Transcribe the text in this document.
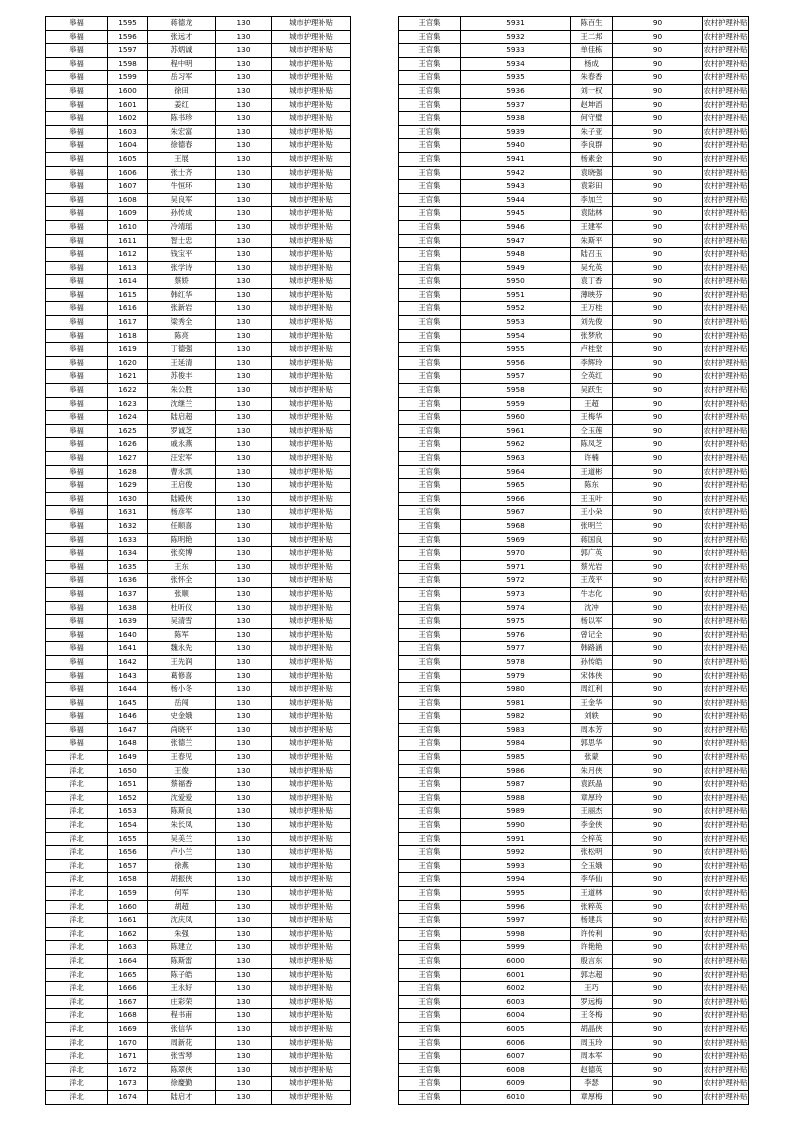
皋福	1595	蒋德龙	130	城市护理补贴
皋福	1596	张远才	130	城市护理补贴
皋福	1597	苏炳诚	130	城市护理补贴
皋福	1598	程中明	130	城市护理补贴
皋福	1599	岳习军	130	城市护理补贴
皋福	1600	徐田	130	城市护理补贴
皋福	1601	姜红	130	城市护理补贴
皋福	1602	陈书珍	130	城市护理补贴
皋福	1603	朱宏富	130	城市护理补贴
皋福	1604	徐德春	130	城市护理补贴
皋福	1605	王展	130	城市护理补贴
皋福	1606	张士齐	130	城市护理补贴
皋福	1607	牛恒环	130	城市护理补贴
皋福	1608	吴良军	130	城市护理补贴
皋福	1609	孙传成	130	城市护理补贴
皋福	1610	冷靖瑶	130	城市护理补贴
皋福	1611	智士忠	130	城市护理补贴
皋福	1612	钱宝平	130	城市护理补贴
皋福	1613	张学诗	130	城市护理补贴
皋福	1614	蔡娇	130	城市护理补贴
皋福	1615	韩红华	130	城市护理补贴
皋福	1616	张新岩	130	城市护理补贴
皋福	1617	梁秀全	130	城市护理补贴
皋福	1618	陈亮	130	城市护理补贴
皋福	1619	丁德强	130	城市护理补贴
皋福	1620	王延清	130	城市护理补贴
皋福	1621	苏俊丰	130	城市护理补贴
皋福	1622	朱公胜	130	城市护理补贴
皋福	1623	沈继兰	130	城市护理补贴
皋福	1624	陆启超	130	城市护理补贴
皋福	1625	罗诚芝	130	城市护理补贴
皋福	1626	戚永燕	130	城市护理补贴
皋福	1627	汪宏军	130	城市护理补贴
皋福	1628	曹永凯	130	城市护理补贴
皋福	1629	王启俊	130	城市护理补贴
皋福	1630	陆殿侠	130	城市护理补贴
皋福	1631	杨彦军	130	城市护理补贴
皋福	1632	任顺喜	130	城市护理补贴
皋福	1633	陈明艳	130	城市护理补贴
皋福	1634	张奕博	130	城市护理补贴
皋福	1635	王东	130	城市护理补贴
皋福	1636	张怀全	130	城市护理补贴
皋福	1637	张顺	130	城市护理补贴
皋福	1638	杜听仪	130	城市护理补贴
皋福	1639	吴清雪	130	城市护理补贴
皋福	1640	陈军	130	城市护理补贴
皋福	1641	魏永先	130	城市护理补贴
皋福	1642	王先润	130	城市护理补贴
皋福	1643	葛修喜	130	城市护理补贴
皋福	1644	杨小冬	130	城市护理补贴
皋福	1645	岳闯	130	城市护理补贴
皋福	1646	史金娥	130	城市护理补贴
皋福	1647	尚晓平	130	城市护理补贴
皋福	1648	张德兰	130	城市护理补贴
洋北	1649	王春见	130	城市护理补贴
洋北	1650	王俊	130	城市护理补贴
洋北	1651	蔡福香	130	城市护理补贴
洋北	1652	沈爱爱	130	城市护理补贴
洋北	1653	陈斯良	130	城市护理补贴
洋北	1654	朱长凤	130	城市护理补贴
洋北	1655	吴美兰	130	城市护理补贴
洋北	1656	卢小兰	130	城市护理补贴
洋北	1657	徐燕	130	城市护理补贴
洋北	1658	胡振侠	130	城市护理补贴
洋北	1659	何军	130	城市护理补贴
洋北	1660	胡超	130	城市护理补贴
洋北	1661	沈庆凤	130	城市护理补贴
洋北	1662	朱强	130	城市护理补贴
洋北	1663	陈建立	130	城市护理补贴
洋北	1664	陈斯雷	130	城市护理补贴
洋北	1665	陈子皓	130	城市护理补贴
洋北	1666	王永好	130	城市护理补贴
洋北	1667	庄彩荣	130	城市护理补贴
洋北	1668	程书甫	130	城市护理补贴
洋北	1669	张信华	130	城市护理补贴
洋北	1670	周新花	130	城市护理补贴
洋北	1671	张雪琴	130	城市护理补贴
洋北	1672	陈翠侠	130	城市护理补贴
洋北	1673	徐慶勤	130	城市护理补贴
洋北	1674	陆启才	130	城市护理补贴
王官集	5931	陈百生	90	农村护理补贴
王官集	5932	王二邦	90	农村护理补贴
王官集	5933	单佳栋	90	农村护理补贴
王官集	5934	杨成	90	农村护理补贴
王官集	5935	朱春香	90	农村护理补贴
王官集	5936	刘一权	90	农村护理补贴
王官集	5937	赵坤滔	90	农村护理补贴
王官集	5938	何守璧	90	农村护理补贴
王官集	5939	朱子亚	90	农村护理补贴
王官集	5940	李良群	90	农村护理补贴
王官集	5941	杨素金	90	农村护理补贴
王官集	5942	袁晓强	90	农村护理补贴
王官集	5943	袁彩田	90	农村护理补贴
王官集	5944	李加兰	90	农村护理补贴
王官集	5945	袁陆林	90	农村护理补贴
王官集	5946	王建军	90	农村护理补贴
王官集	5947	朱斯平	90	农村护理补贴
王官集	5948	陆召玉	90	农村护理补贴
王官集	5949	吴允英	90	农村护理补贴
王官集	5950	袁丁香	90	农村护理补贴
王官集	5951	薄映芬	90	农村护理补贴
王官集	5952	王万桂	90	农村护理补贴
王官集	5953	刘先俊	90	农村护理补贴
王官集	5954	张梦欣	90	农村护理补贴
王官集	5955	卢桂堂	90	农村护理补贴
王官集	5956	李辉玲	90	农村护理补贴
王官集	5957	仝英红	90	农村护理补贴
王官集	5958	吴跃生	90	农村护理补贴
王官集	5959	王超	90	农村护理补贴
王官集	5960	王梅华	90	农村护理补贴
王官集	5961	仝玉莲	90	农村护理补贴
王官集	5962	陈凤芝	90	农村护理补贴
王官集	5963	许楠	90	农村护理补贴
王官集	5964	王道彬	90	农村护理补贴
王官集	5965	陈东	90	农村护理补贴
王官集	5966	王玉叶	90	农村护理补贴
王官集	5967	王小朵	90	农村护理补贴
王官集	5968	张明兰	90	农村护理补贴
王官集	5969	蒋国良	90	农村护理补贴
王官集	5970	郭广英	90	农村护理补贴
王官集	5971	蔡光岩	90	农村护理补贴
王官集	5972	王茂平	90	农村护理补贴
王官集	5973	牛志化	90	农村护理补贴
王官集	5974	沈冲	90	农村护理补贴
王官集	5975	杨以军	90	农村护理补贴
王官集	5976	曾记全	90	农村护理补贴
王官集	5977	韩路涵	90	农村护理补贴
王官集	5978	孙传皓	90	农村护理补贴
王官集	5979	宋体侠	90	农村护理补贴
王官集	5980	周红利	90	农村护理补贴
王官集	5981	王金华	90	农村护理补贴
王官集	5982	刘轶	90	农村护理补贴
王官集	5983	周本芳	90	农村护理补贴
王官集	5984	郭思华	90	农村护理补贴
王官集	5985	张蒙	90	农村护理补贴
王官集	5986	朱月侠	90	农村护理补贴
王官集	5987	袁跃晶	90	农村护理补贴
王官集	5988	章厚玲	90	农村护理补贴
王官集	5989	王丽杰	90	农村护理补贴
王官集	5990	李金侠	90	农村护理补贴
王官集	5991	仝梓英	90	农村护理补贴
王官集	5992	张松明	90	农村护理补贴
王官集	5993	仝玉娥	90	农村护理补贴
王官集	5994	李华仙	90	农村护理补贴
王官集	5995	王道林	90	农村护理补贴
王官集	5996	张粹英	90	农村护理补贴
王官集	5997	杨建兵	90	农村护理补贴
王官集	5998	许传利	90	农村护理补贴
王官集	5999	许艳艳	90	农村护理补贴
王官集	6000	殷言东	90	农村护理补贴
王官集	6001	郭志超	90	农村护理补贴
王官集	6002	王巧	90	农村护理补贴
王官集	6003	罗远梅	90	农村护理补贴
王官集	6004	王冬梅	90	农村护理补贴
王官集	6005	胡晶侠	90	农村护理补贴
王官集	6006	周玉玲	90	农村护理补贴
王官集	6007	周本军	90	农村护理补贴
王官集	6008	赵德英	90	农村护理补贴
王官集	6009	李瑟	90	农村护理补贴
王官集	6010	章厚梅	90	农村护理补贴
